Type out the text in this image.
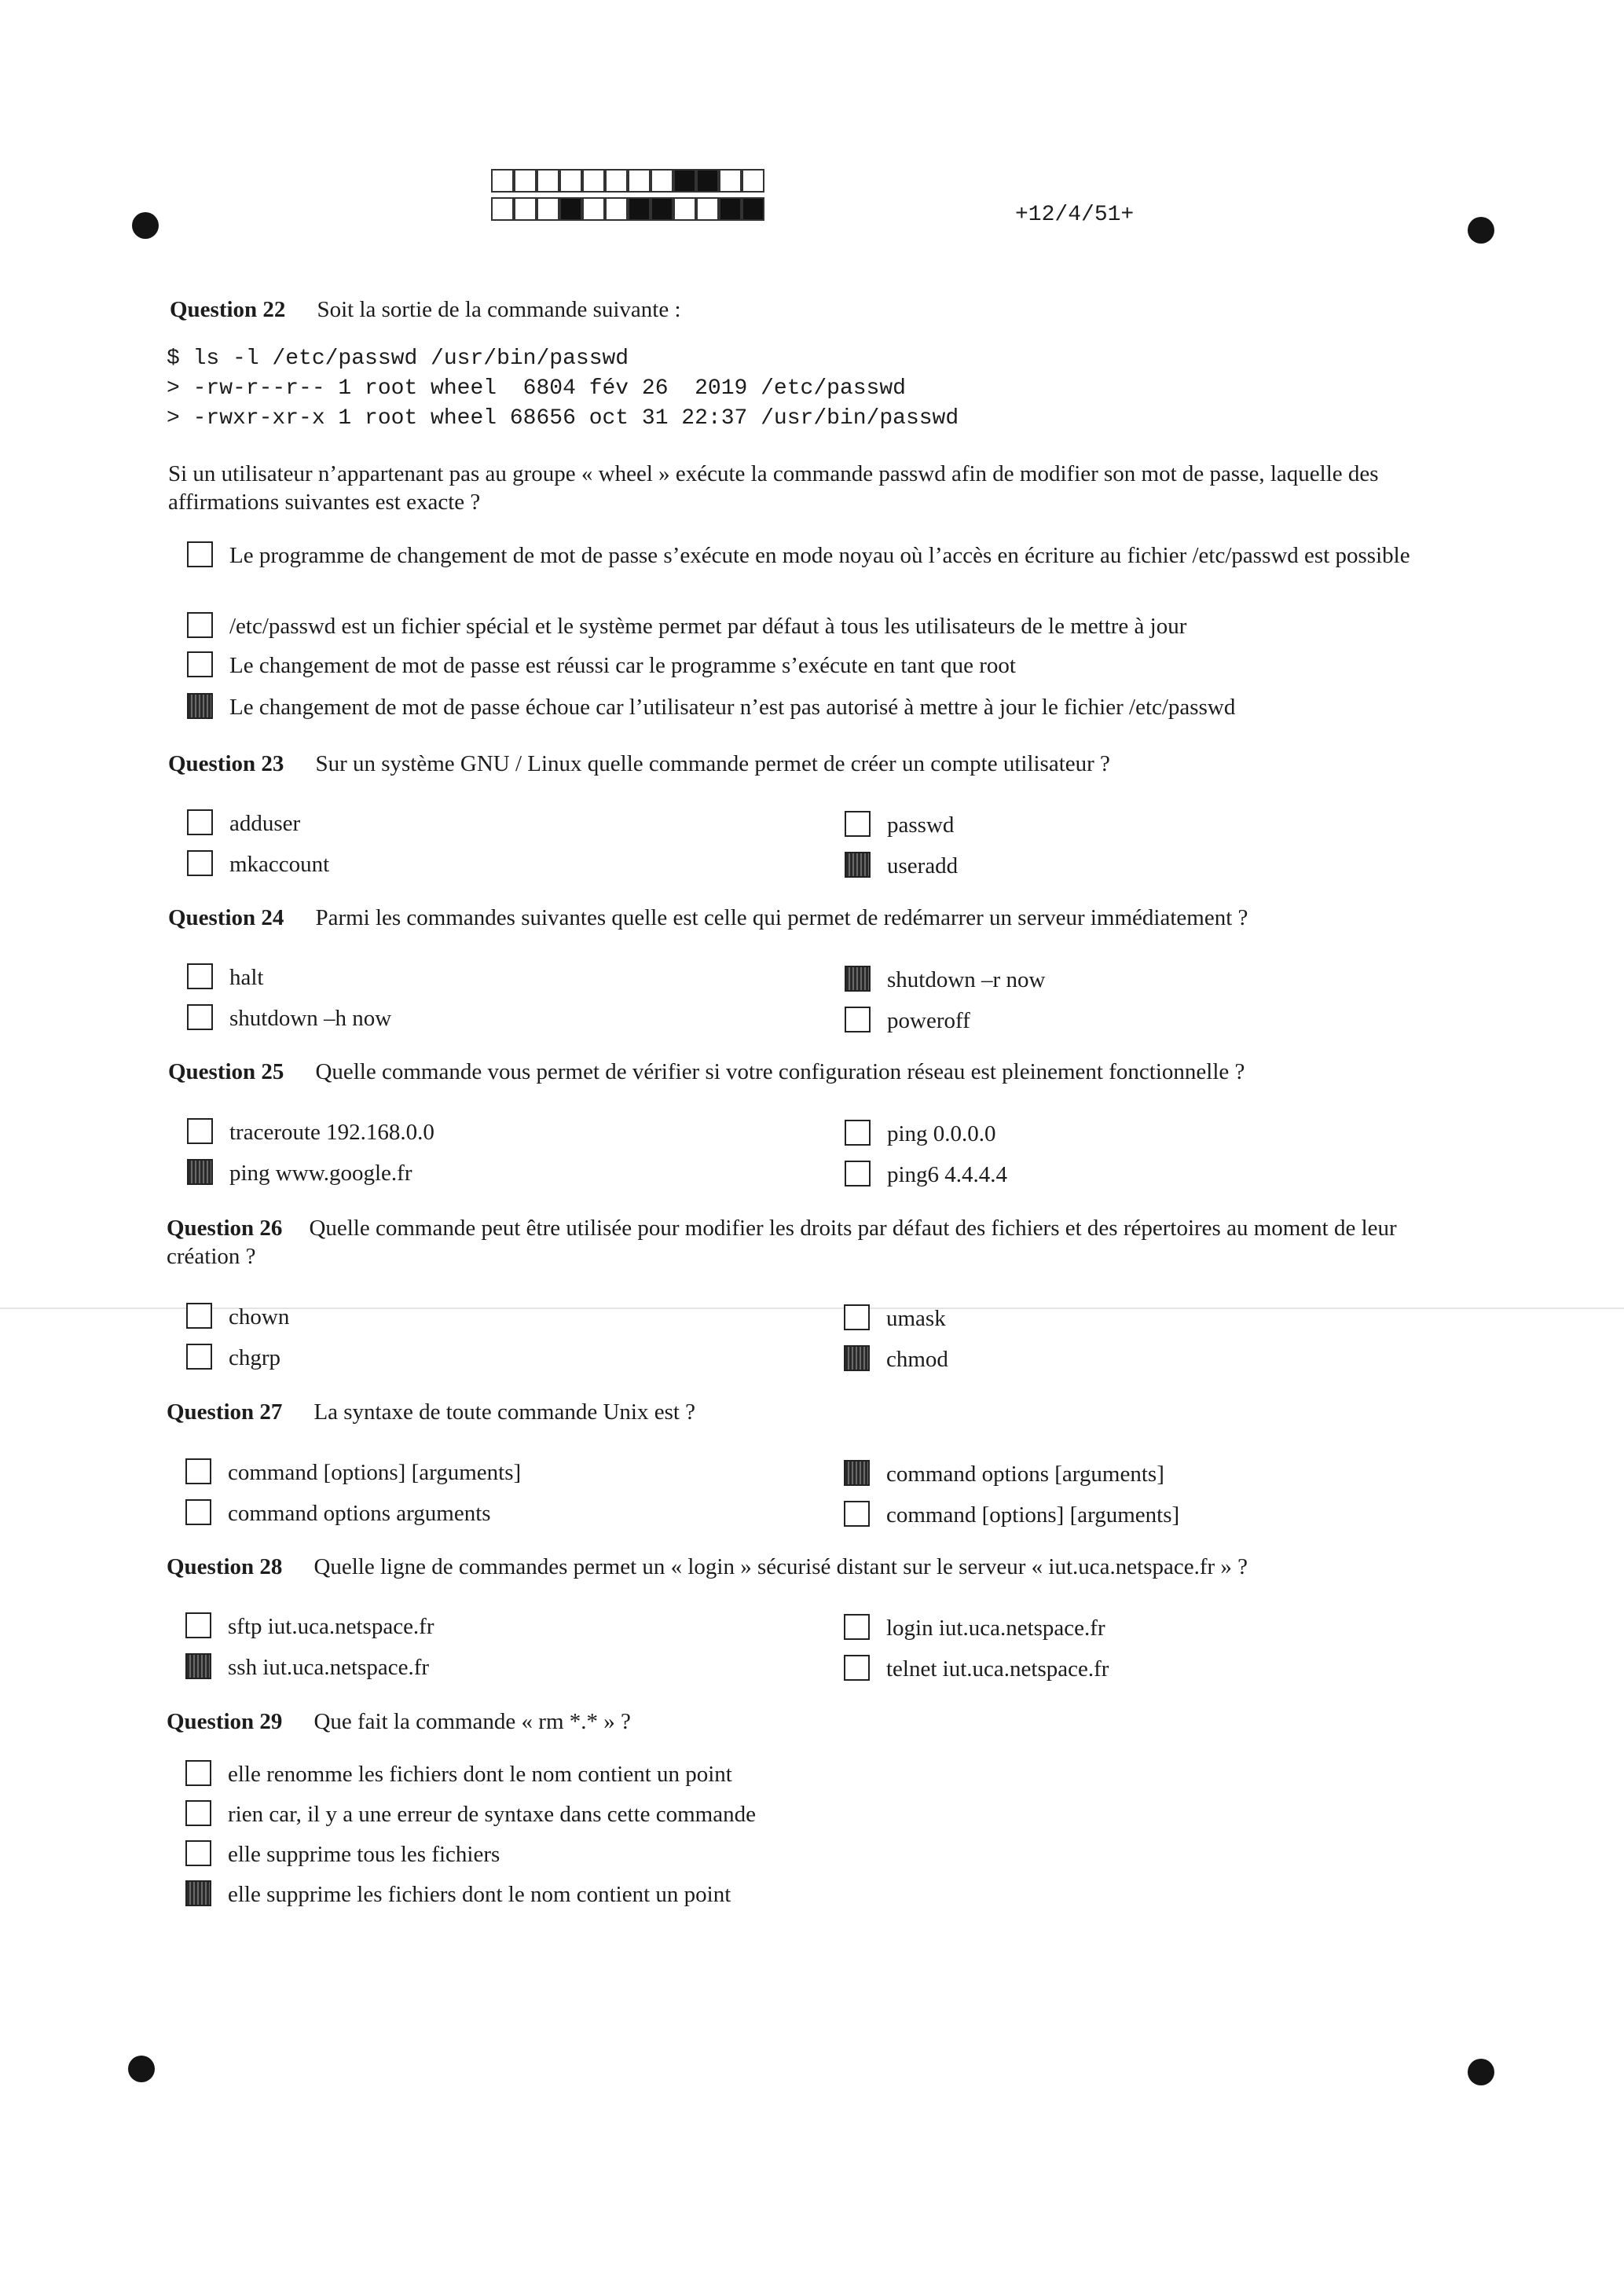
+12/4/51+
Question 22 Soit la sortie de la commande suivante :
$ ls -l /etc/passwd /usr/bin/passwd
> -rw-r--r-- 1 root wheel  6804 fév 26  2019 /etc/passwd
> -rwxr-xr-x 1 root wheel 68656 oct 31 22:37 /usr/bin/passwd
Si un utilisateur n’appartenant pas au groupe « wheel » exécute la commande passwd afin de modifier son mot de passe, laquelle des affirmations suivantes est exacte ?
Le programme de changement de mot de passe s’exécute en mode noyau où l’accès en écriture au fichier /etc/passwd est possible
/etc/passwd est un fichier spécial et le système permet par défaut à tous les utilisateurs de le mettre à jour
Le changement de mot de passe est réussi car le programme s’exécute en tant que root
Le changement de mot de passe échoue car l’utilisateur n’est pas autorisé à mettre à jour le fichier /etc/passwd
Question 23 Sur un système GNU / Linux quelle commande permet de créer un compte utilisateur ?
adduser
mkaccount
passwd
useradd
Question 24 Parmi les commandes suivantes quelle est celle qui permet de redémarrer un serveur immédiatement ?
halt
shutdown –h now
shutdown –r now
poweroff
Question 25 Quelle commande vous permet de vérifier si votre configuration réseau est pleinement fonctionnelle ?
traceroute 192.168.0.0
ping www.google.fr
ping 0.0.0.0
ping6 4.4.4.4
Question 26 Quelle commande peut être utilisée pour modifier les droits par défaut des fichiers et des répertoires au moment de leur création ?
chown
chgrp
umask
chmod
Question 27 La syntaxe de toute commande Unix est ?
command [options] [arguments]
command options arguments
command options [arguments]
command [options] [arguments]
Question 28 Quelle ligne de commandes permet un « login » sécurisé distant sur le serveur « iut.uca.netspace.fr » ?
sftp iut.uca.netspace.fr
ssh iut.uca.netspace.fr
login iut.uca.netspace.fr
telnet iut.uca.netspace.fr
Question 29 Que fait la commande « rm *.* » ?
elle renomme les fichiers dont le nom contient un point
rien car, il y a une erreur de syntaxe dans cette commande
elle supprime tous les fichiers
elle supprime les fichiers dont le nom contient un point
